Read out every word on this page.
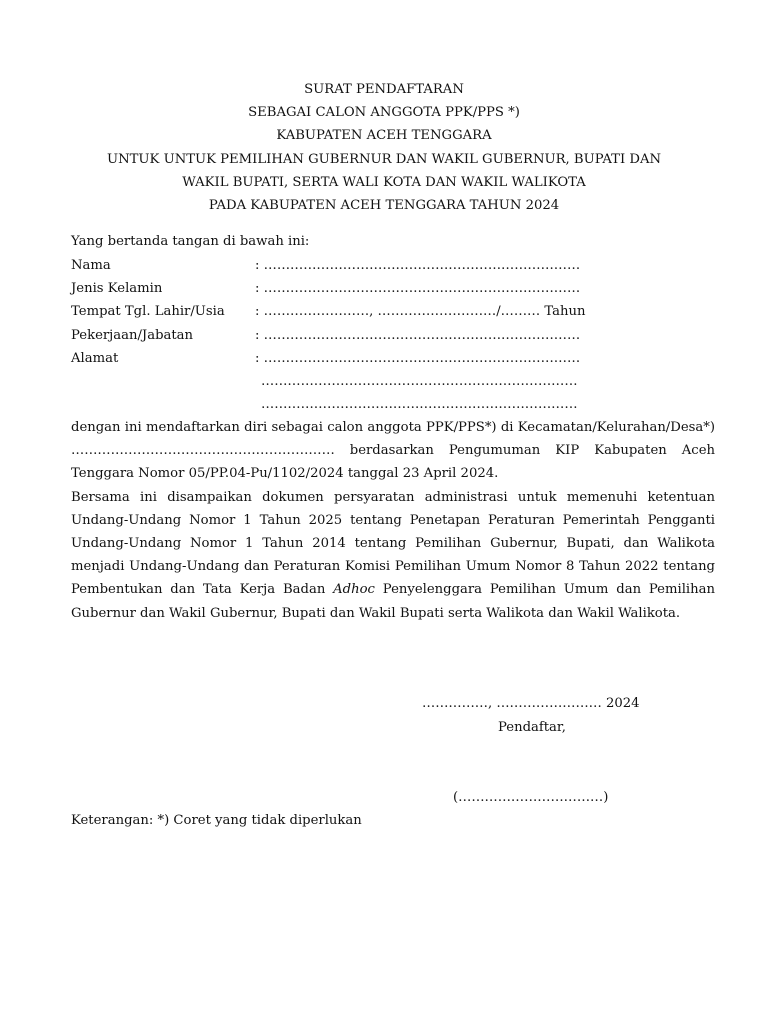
SURAT PENDAFTARAN
SEBAGAI CALON ANGGOTA PPK/PPS *)
KABUPATEN ACEH TENGGARA
UNTUK UNTUK PEMILIHAN GUBERNUR DAN WAKIL GUBERNUR, BUPATI DAN
WAKIL BUPATI, SERTA WALI KOTA DAN WAKIL WALIKOTA
PADA KABUPATEN ACEH TENGGARA TAHUN 2024
Yang bertanda tangan di bawah ini:
Nama	: ………………………………………………………………
Jenis Kelamin	: ………………………………………………………………
Tempat Tgl. Lahir/Usia	: ……………………, ………………………/……… Tahun
Pekerjaan/Jabatan	: ………………………………………………………………
Alamat	: ………………………………………………………………
………………………………………………………………
………………………………………………………………

dengan ini mendaftarkan diri sebagai calon anggota PPK/PPS*) di Kecamatan/Kelurahan/Desa*) …………………………………………………… berdasarkan Pengumuman KIP Kabupaten Aceh Tenggara Nomor 05/PP.04-Pu/1102/2024 tanggal 23 April 2024.

Bersama ini disampaikan dokumen persyaratan administrasi untuk memenuhi ketentuan Undang-Undang Nomor 1 Tahun 2025 tentang Penetapan Peraturan Pemerintah Pengganti Undang-Undang Nomor 1 Tahun 2014 tentang Pemilihan Gubernur, Bupati, dan Walikota menjadi Undang-Undang dan Peraturan Komisi Pemilihan Umum Nomor 8 Tahun 2022 tentang Pembentukan dan Tata Kerja Badan Adhoc Penyelenggara Pemilihan Umum dan Pemilihan Gubernur dan Wakil Gubernur, Bupati dan Wakil Bupati serta Walikota dan Wakil Walikota.

……………, …………………… 2024
Pendaftar,
(……………………………)
Keterangan: *) Coret yang tidak diperlukan
